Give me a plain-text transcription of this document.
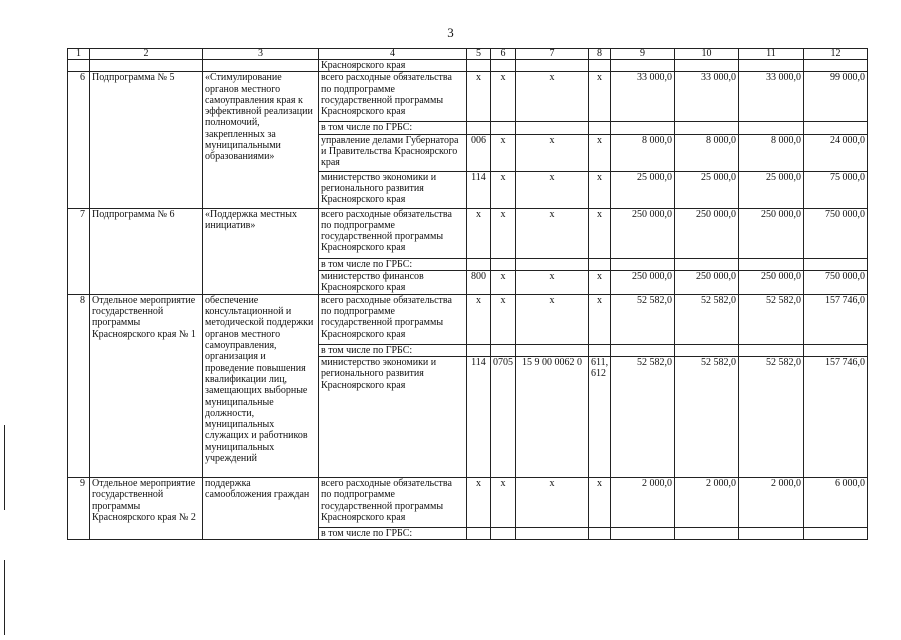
3
1	2	3	4	5	6	7	8	9	10	11	12
			Красноярского края								
6	Подпрограмма № 5	«Стимулирование органов местного самоуправления края к эффективной реализации полномочий, закрепленных за муниципальными образованиями»	всего расходные обязательства по подпрограмме государственной программы Красноярского края	х	х	х	х	33 000,0	33 000,0	33 000,0	99 000,0
			в том числе по ГРБС:								
			управление делами Губернатора и Правительства Красноярского края	006	х	х	х	8 000,0	8 000,0	8 000,0	24 000,0
			министерство экономики и регионального развития Красноярского края	114	х	х	х	25 000,0	25 000,0	25 000,0	75 000,0
7	Подпрограмма № 6	«Поддержка местных инициатив»	всего расходные обязательства по подпрограмме государственной программы Красноярского края	х	х	х	х	250 000,0	250 000,0	250 000,0	750 000,0
			в том числе по ГРБС:								
			министерство финансов Красноярского края	800	х	х	х	250 000,0	250 000,0	250 000,0	750 000,0
8	Отдельное мероприятие государственной программы Красноярского края № 1	обеспечение консультационной и методической поддержки органов местного самоуправления, организация и проведение повышения квалификации лиц, замещающих выборные муниципальные должности, муниципальных служащих и работников муниципальных учреждений	всего расходные обязательства по подпрограмме государственной программы Красноярского края	х	х	х	х	52 582,0	52 582,0	52 582,0	157 746,0
			в том числе по ГРБС:								
			министерство экономики и регионального развития Красноярского края	114	0705	15 9 00 0062 0	611, 612	52 582,0	52 582,0	52 582,0	157 746,0
9	Отдельное мероприятие государственной программы Красноярского края № 2	поддержка самообложения граждан	всего расходные обязательства по подпрограмме государственной программы Красноярского края	х	х	х	х	2 000,0	2 000,0	2 000,0	6 000,0
			в том числе по ГРБС:								
